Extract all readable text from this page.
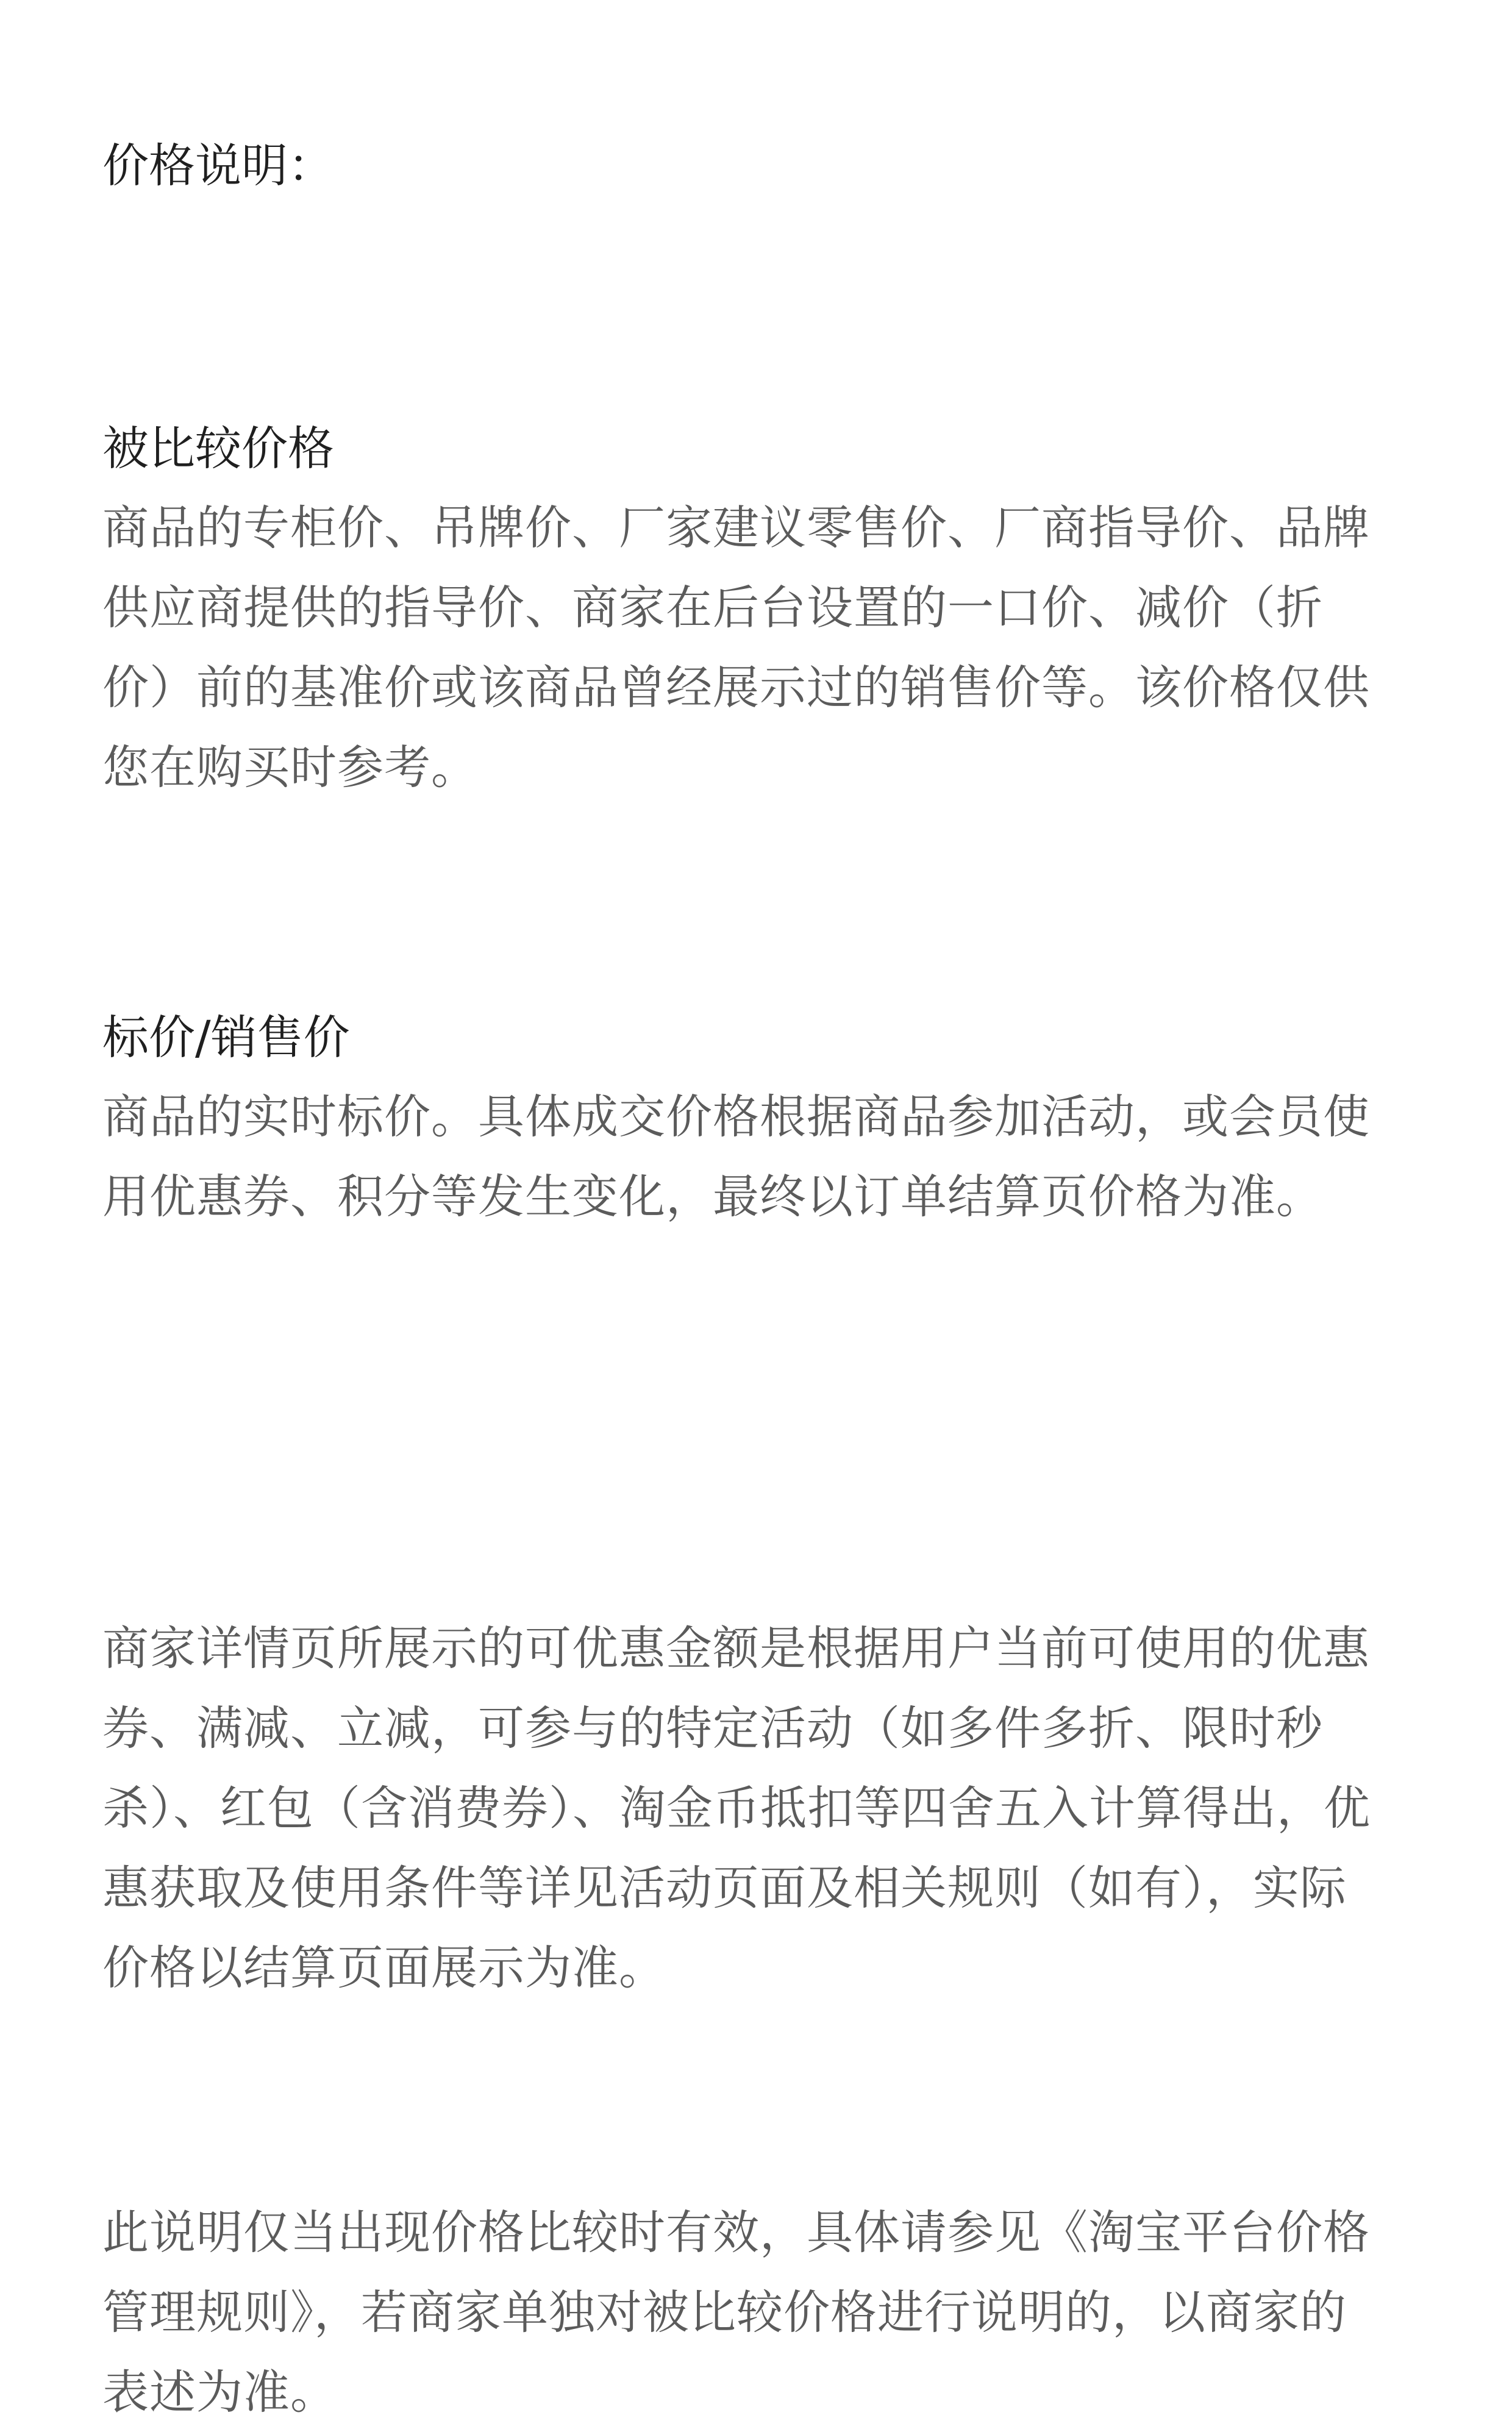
价格说明：
被比较价格

商品的专柜价、吊牌价、厂家建议零售价、厂商指导价、品牌供应商提供的指导价、商家在后台设置的一口价、减价（折价）前的基准价或该商品曾经展示过的销售价等。该价格仅供您在购买时参考。

标价/销售价

商品的实时标价。具体成交价格根据商品参加活动，或会员使用优惠券、积分等发生变化，最终以订单结算页价格为准。

商家详情页所展示的可优惠金额是根据用户当前可使用的优惠券、满减、立减，可参与的特定活动（如多件多折、限时秒杀）、红包（含消费券）、淘金币抵扣等四舍五入计算得出，优惠获取及使用条件等详见活动页面及相关规则（如有），实际价格以结算页面展示为准。

此说明仅当出现价格比较时有效，具体请参见《淘宝平台价格管理规则》，若商家单独对被比较价格进行说明的，以商家的表述为准。
